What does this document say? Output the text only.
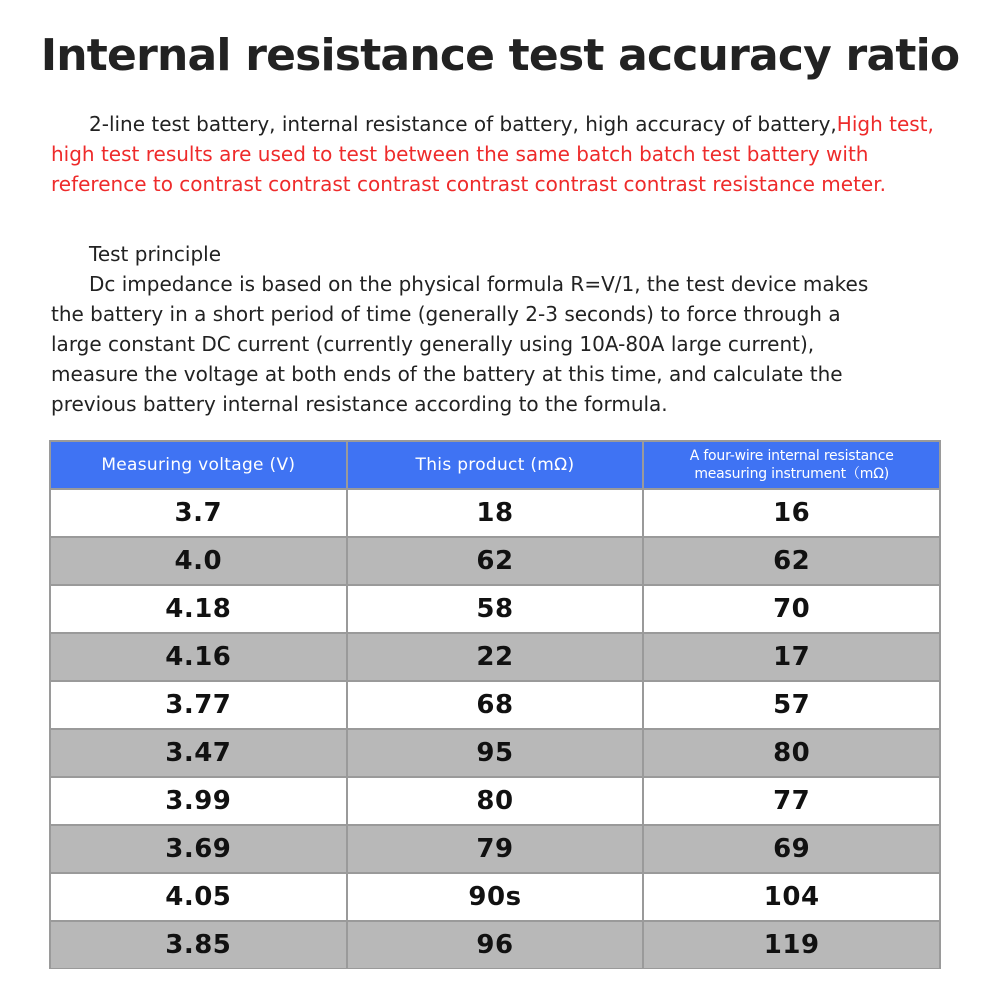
Internal resistance test accuracy ratio
2-line test battery, internal resistance of battery, high accuracy of battery,High test, high test results are used to test between the same batch batch test battery with reference to contrast contrast contrast contrast contrast contrast resistance meter.
Test principle
Dc impedance is based on the physical formula R=V/1, the test device makes
the battery in a short period of time (generally 2-3 seconds) to force through a
large constant DC current (currently generally using 10A-80A large current),
measure the voltage at both ends of the battery at this time, and calculate the
previous battery internal resistance according to the formula.
Measuring voltage (V)	This product (mΩ)	A four-wire internal resistance
measuring instrument（mΩ)

3.7	18	16
4.0	62	62
4.18	58	70
4.16	22	17
3.77	68	57
3.47	95	80
3.99	80	77
3.69	79	69
4.05	90s	104
3.85	96	119
